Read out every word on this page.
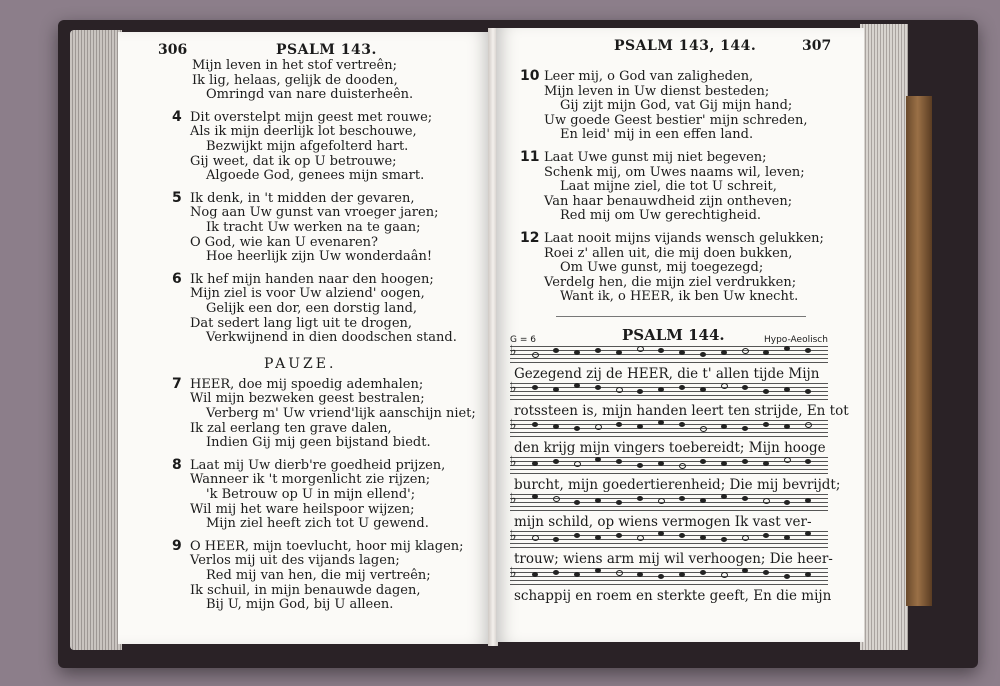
306	PSALM 143.
Mijn leven in het stof vertreên;
Ik lig, helaas, gelijk de dooden,
Omringd van nare duisterheên.
4 Dit overstelpt mijn geest met rouwe;
Als ik mijn deerlijk lot beschouwe,
Bezwijkt mijn afgefolterd hart.
Gij weet, dat ik op U betrouwe;
Algoede God, genees mijn smart.
5 Ik denk, in 't midden der gevaren,
Nog aan Uw gunst van vroeger jaren;
Ik tracht Uw werken na te gaan;
O God, wie kan U evenaren?
Hoe heerlijk zijn Uw wonderdaân!
6 Ik hef mijn handen naar den hoogen;
Mijn ziel is voor Uw alziend' oogen,
Gelijk een dor, een dorstig land,
Dat sedert lang ligt uit te drogen,
Verkwijnend in dien doodschen stand.
PAUZE.
7 HEER, doe mij spoedig ademhalen;
Wil mijn bezweken geest bestralen;
Verberg m' Uw vriend'lijk aanschijn niet;
Ik zal eerlang ten grave dalen,
Indien Gij mij geen bijstand biedt.
8 Laat mij Uw dierb're goedheid prijzen,
Wanneer ik 't morgenlicht zie rijzen;
'k Betrouw op U in mijn ellend';
Wil mij het ware heilspoor wijzen;
Mijn ziel heeft zich tot U gewend.
9 O HEER, mijn toevlucht, hoor mij klagen;
Verlos mij uit des vijands lagen;
Red mij van hen, die mij vertreên;
Ik schuil, in mijn benauwde dagen,
Bij U, mijn God, bij U alleen.
PSALM 143, 144.	307
10 Leer mij, o God van zaligheden,
Mijn leven in Uw dienst besteden;
Gij zijt mijn God, vat Gij mijn hand;
Uw goede Geest bestier' mijn schreden,
En leid' mij in een effen land.
11 Laat Uwe gunst mij niet begeven;
Schenk mij, om Uwes naams wil, leven;
Laat mijne ziel, die tot U schreit,
Van haar benauwdheid zijn ontheven;
Red mij om Uw gerechtigheid.
12 Laat nooit mijns vijands wensch gelukken;
Roei z' allen uit, die mij doen bukken,
Om Uwe gunst, mij toegezegd;
Verdelg hen, die mijn ziel verdrukken;
Want ik, o HEER, ik ben Uw knecht.
G = 6	PSALM 144.	Hypo-Aeolisch
♭
Gezegend zij de HEER, die t' allen tijde Mijn
♭
rotssteen is, mijn handen leert ten strijde, En tot
♭
den krijg mijn vingers toebereidt; Mijn hooge
♭
burcht, mijn goedertierenheid; Die mij bevrijdt;
♭
mijn schild, op wiens vermogen Ik vast ver-
♭
trouw; wiens arm mij wil verhoogen; Die heer-
♭
schappij en roem en sterkte geeft, En die mijn
